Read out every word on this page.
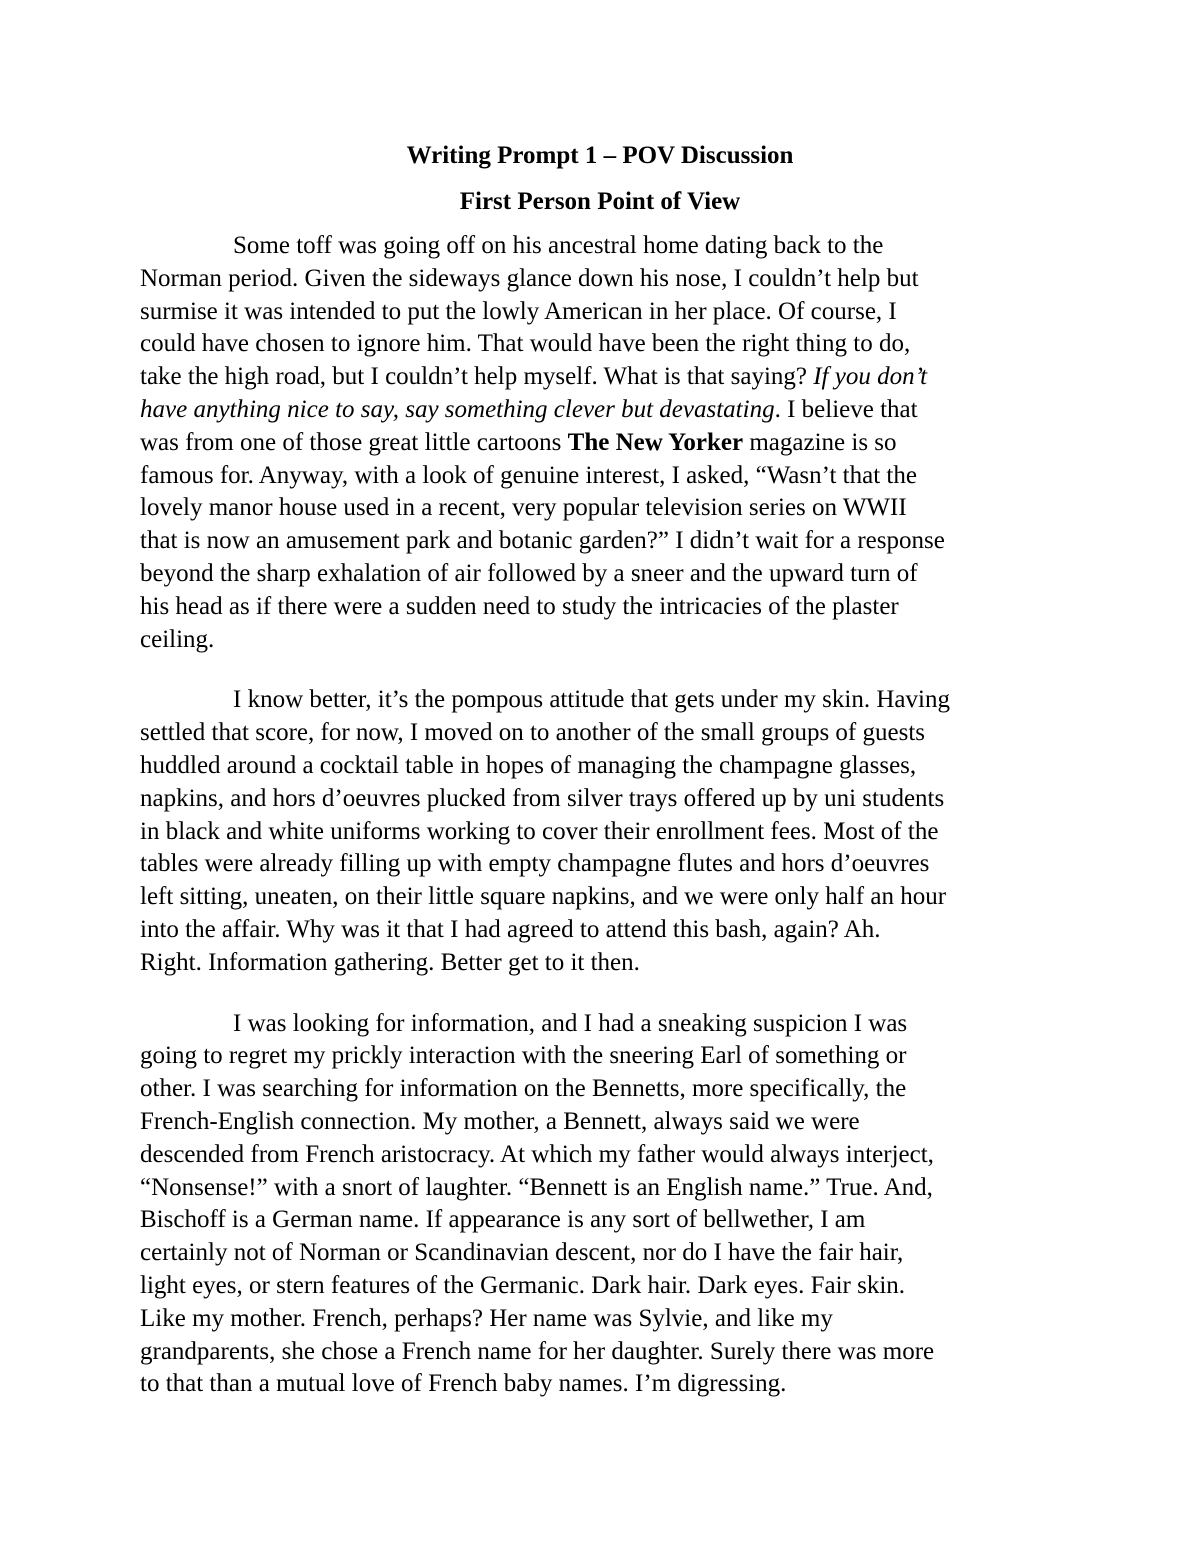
Writing Prompt 1 – POV Discussion
First Person Point of View
Some toff was going off on his ancestral home dating back to the
Norman period. Given the sideways glance down his nose, I couldn’t help but
surmise it was intended to put the lowly American in her place. Of course, I
could have chosen to ignore him. That would have been the right thing to do,
take the high road, but I couldn’t help myself. What is that saying? If you don’t
have anything nice to say, say something clever but devastating. I believe that
was from one of those great little cartoons The New Yorker magazine is so
famous for. Anyway, with a look of genuine interest, I asked, “Wasn’t that the
lovely manor house used in a recent, very popular television series on WWII
that is now an amusement park and botanic garden?” I didn’t wait for a response
beyond the sharp exhalation of air followed by a sneer and the upward turn of
his head as if there were a sudden need to study the intricacies of the plaster
ceiling.
I know better, it’s the pompous attitude that gets under my skin. Having
settled that score, for now, I moved on to another of the small groups of guests
huddled around a cocktail table in hopes of managing the champagne glasses,
napkins, and hors d’oeuvres plucked from silver trays offered up by uni students
in black and white uniforms working to cover their enrollment fees. Most of the
tables were already filling up with empty champagne flutes and hors d’oeuvres
left sitting, uneaten, on their little square napkins, and we were only half an hour
into the affair. Why was it that I had agreed to attend this bash, again? Ah.
Right. Information gathering. Better get to it then.
I was looking for information, and I had a sneaking suspicion I was
going to regret my prickly interaction with the sneering Earl of something or
other. I was searching for information on the Bennetts, more specifically, the
French-English connection. My mother, a Bennett, always said we were
descended from French aristocracy. At which my father would always interject,
“Nonsense!” with a snort of laughter. “Bennett is an English name.” True. And,
Bischoff is a German name. If appearance is any sort of bellwether, I am
certainly not of Norman or Scandinavian descent, nor do I have the fair hair,
light eyes, or stern features of the Germanic. Dark hair. Dark eyes. Fair skin.
Like my mother. French, perhaps? Her name was Sylvie, and like my
grandparents, she chose a French name for her daughter. Surely there was more
to that than a mutual love of French baby names. I’m digressing.
